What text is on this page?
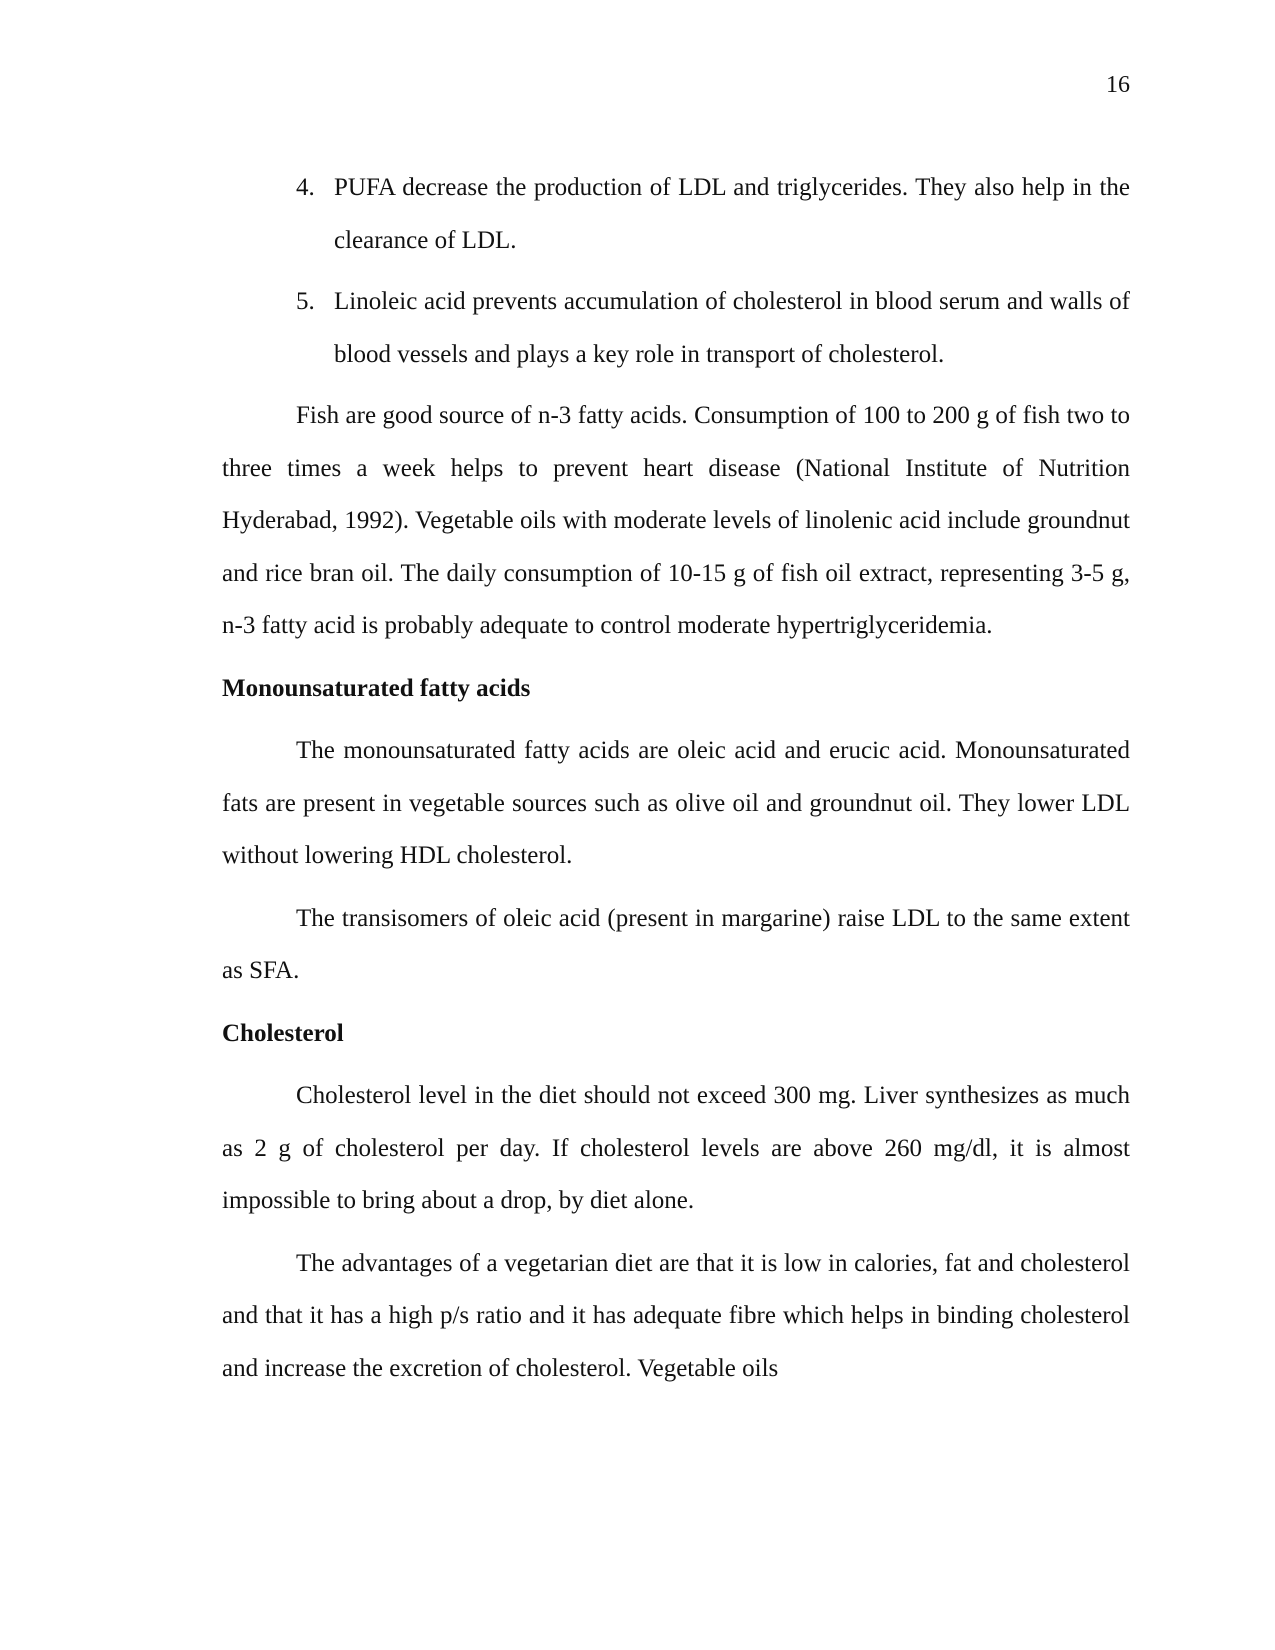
16
4. PUFA decrease the production of LDL and triglycerides. They also help in the clearance of LDL.
5. Linoleic acid prevents accumulation of cholesterol in blood serum and walls of blood vessels and plays a key role in transport of cholesterol.

Fish are good source of n-3 fatty acids. Consumption of 100 to 200 g of fish two to three times a week helps to prevent heart disease (National Institute of Nutrition Hyderabad, 1992). Vegetable oils with moderate levels of linolenic acid include groundnut and rice bran oil. The daily consumption of 10-15 g of fish oil extract, representing 3-5 g, n-3 fatty acid is probably adequate to control moderate hypertriglyceridemia.

Monounsaturated fatty acids

The monounsaturated fatty acids are oleic acid and erucic acid. Monounsaturated fats are present in vegetable sources such as olive oil and groundnut oil. They lower LDL without lowering HDL cholesterol.

The transisomers of oleic acid (present in margarine) raise LDL to the same extent as SFA.

Cholesterol

Cholesterol level in the diet should not exceed 300 mg. Liver synthesizes as much as 2 g of cholesterol per day. If cholesterol levels are above 260 mg/dl, it is almost impossible to bring about a drop, by diet alone.

The advantages of a vegetarian diet are that it is low in calories, fat and cholesterol and that it has a high p/s ratio and it has adequate fibre which helps in binding cholesterol and increase the excretion of cholesterol. Vegetable oils
